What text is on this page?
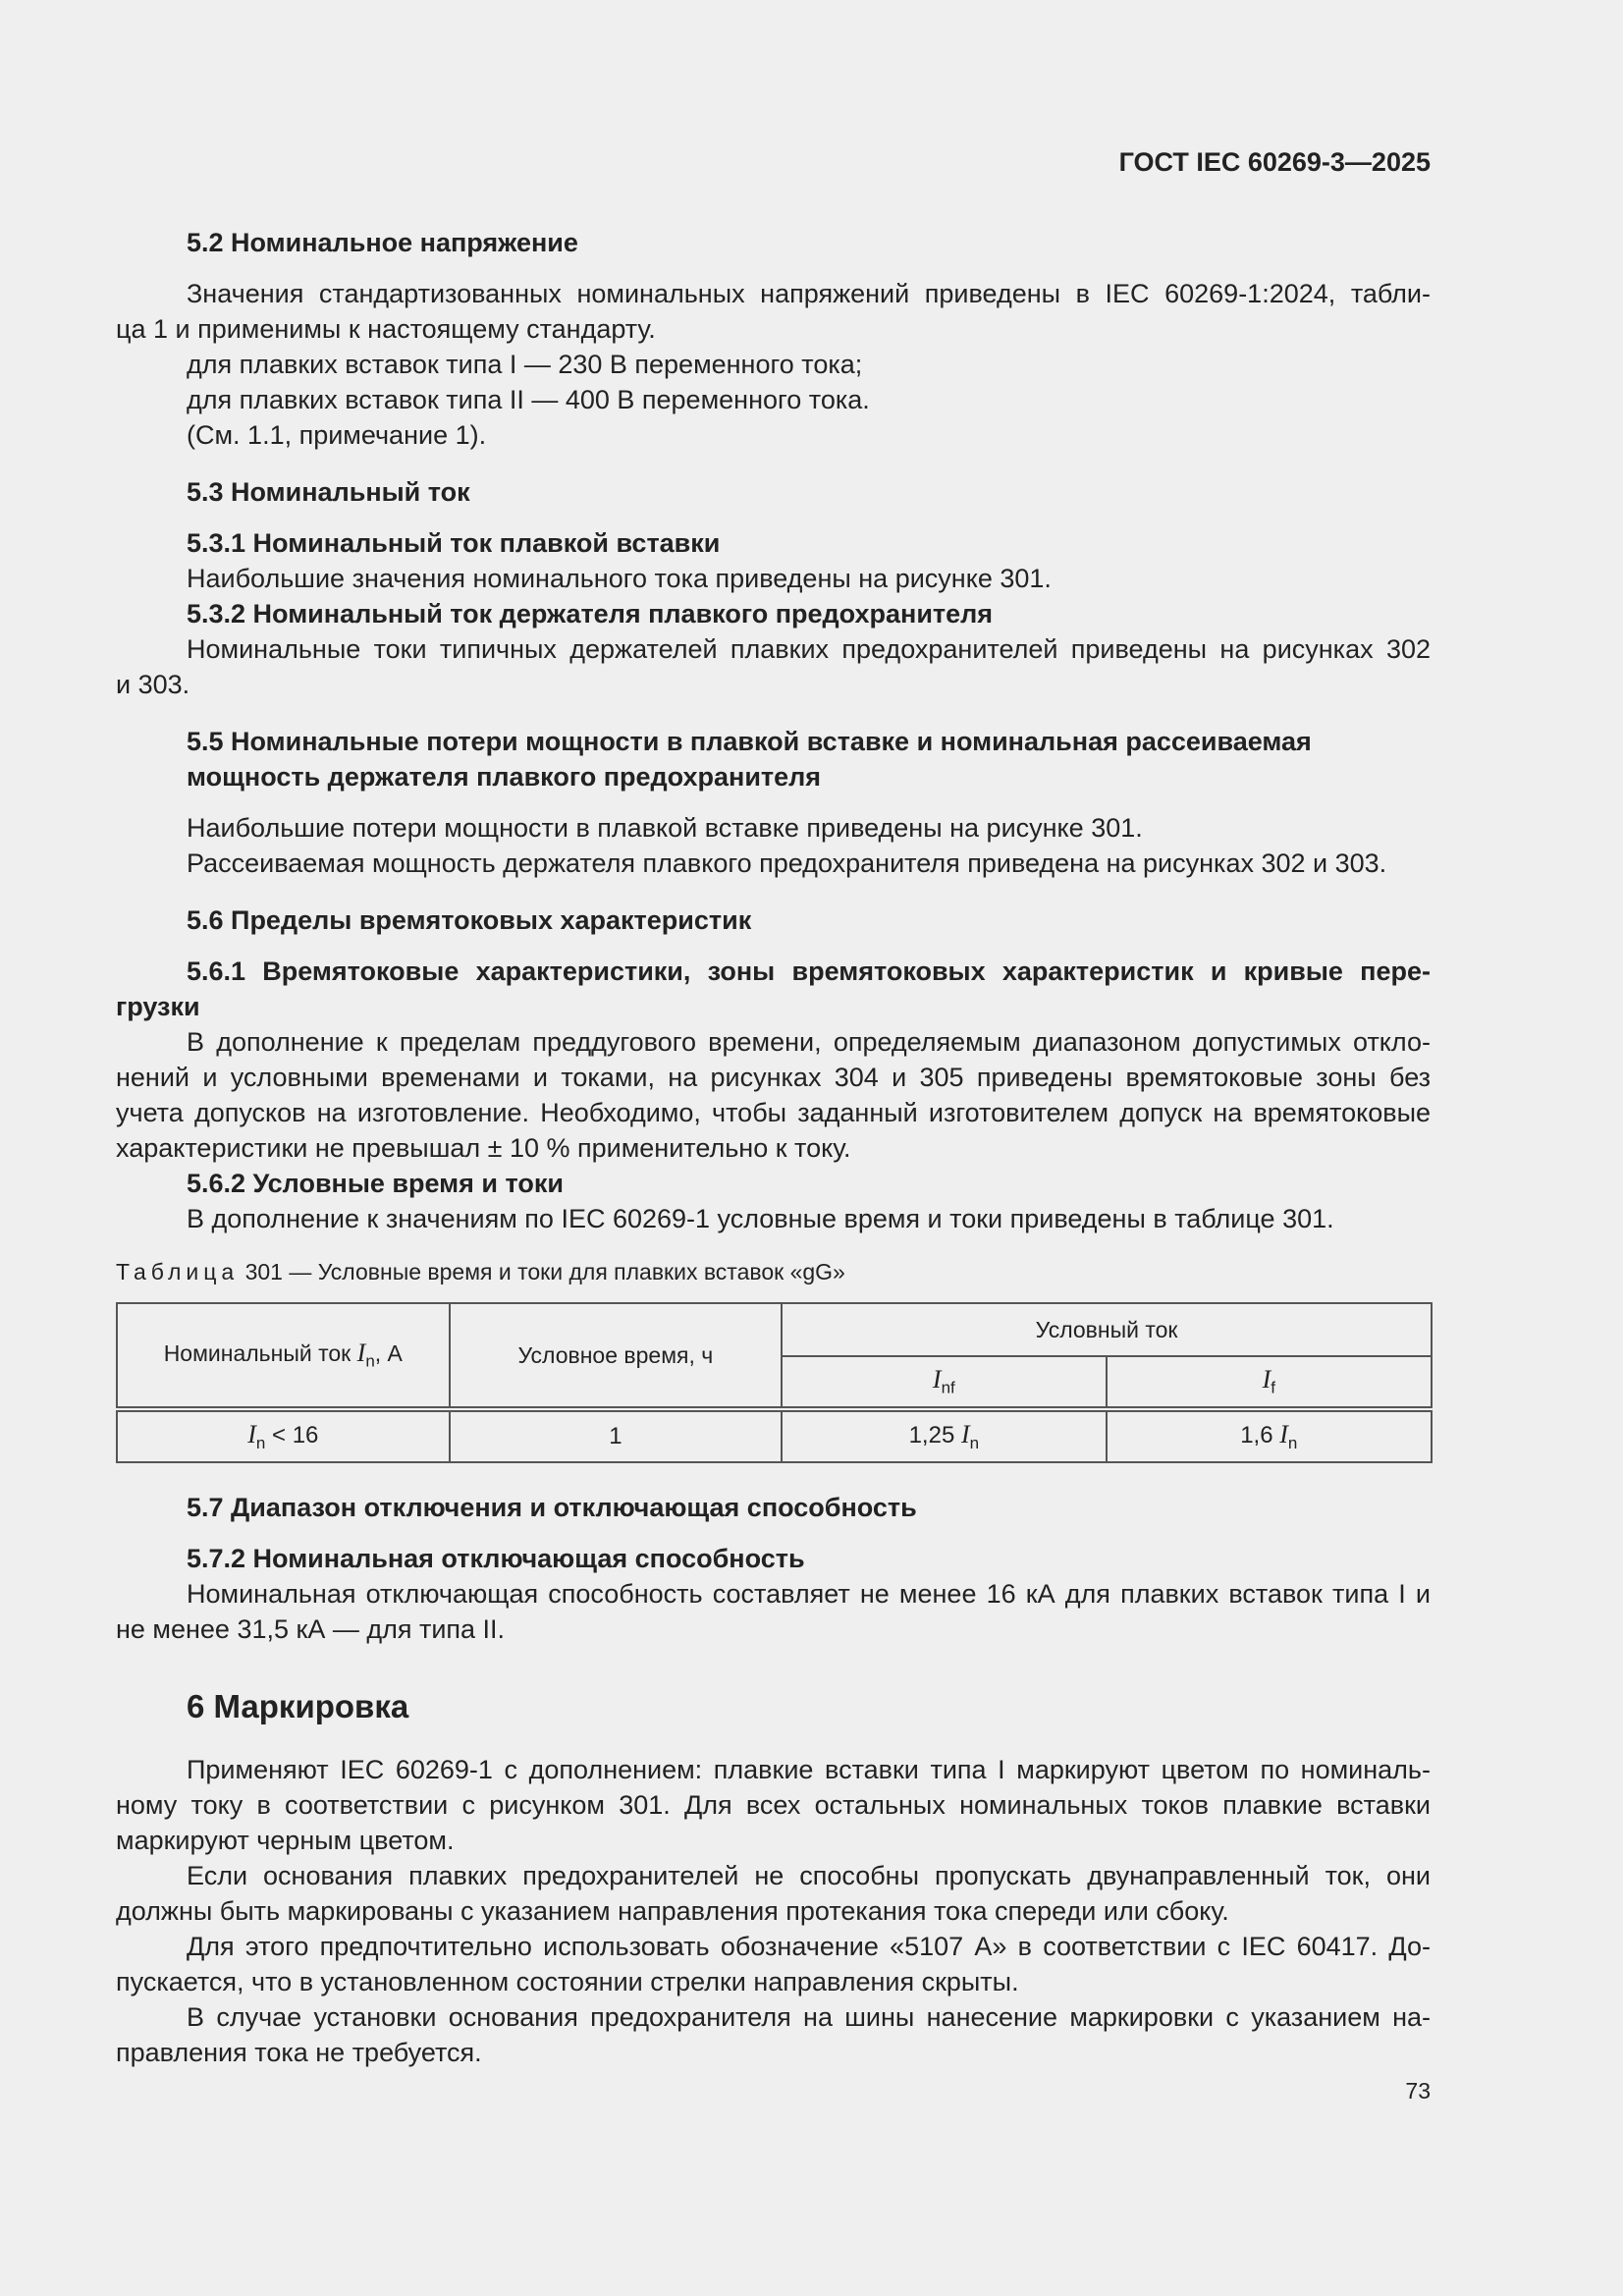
ГОСТ IEC 60269-3—2025
5.2 Номинальное напряжение
Значения стандартизованных номинальных напряжений приведены в IEC 60269-1:2024, табли-
ца 1 и применимы к настоящему стандарту.
для плавких вставок типа I — 230 В переменного тока;
для плавких вставок типа II — 400 В переменного тока.
(См. 1.1, примечание 1).
5.3 Номинальный ток
5.3.1 Номинальный ток плавкой вставки
Наибольшие значения номинального тока приведены на рисунке 301.
5.3.2 Номинальный ток держателя плавкого предохранителя
Номинальные токи типичных держателей плавких предохранителей приведены на рисунках 302
и 303.
5.5 Номинальные потери мощности в плавкой вставке и номинальная рассеиваемая
мощность держателя плавкого предохранителя
Наибольшие потери мощности в плавкой вставке приведены на рисунке 301.
Рассеиваемая мощность держателя плавкого предохранителя приведена на рисунках 302 и 303.
5.6 Пределы времятоковых характеристик
5.6.1 Времятоковые характеристики, зоны времятоковых характеристик и кривые пере-
грузки
В дополнение к пределам преддугового времени, определяемым диапазоном допустимых откло-
нений и условными временами и токами, на рисунках 304 и 305 приведены времятоковые зоны без
учета допусков на изготовление. Необходимо, чтобы заданный изготовителем допуск на времятоковые
характеристики не превышал ± 10 % применительно к току.
5.6.2 Условные время и токи
В дополнение к значениям по IEC 60269-1 условные время и токи приведены в таблице 301.
Таблица 301 — Условные время и токи для плавких вставок «gG»
Номинальный ток $I_n$, А	Условное время, ч	Условный ток	
		$I_{nf}$	$I_f$
$I_n < 16$	1	1,25 $I_n$	1,6 $I_n$
5.7 Диапазон отключения и отключающая способность
5.7.2 Номинальная отключающая способность
Номинальная отключающая способность составляет не менее 16 кА для плавких вставок типа I и
не менее 31,5 кА — для типа II.
6 Маркировка
Применяют IEC 60269-1 с дополнением: плавкие вставки типа I маркируют цветом по номиналь-
ному току в соответствии с рисунком 301. Для всех остальных номинальных токов плавкие вставки
маркируют черным цветом.
Если основания плавких предохранителей не способны пропускать двунаправленный ток, они
должны быть маркированы с указанием направления протекания тока спереди или сбоку.
Для этого предпочтительно использовать обозначение «5107 А» в соответствии с IEC 60417. До-
пускается, что в установленном состоянии стрелки направления скрыты.
В случае установки основания предохранителя на шины нанесение маркировки с указанием на-
правления тока не требуется.
73
